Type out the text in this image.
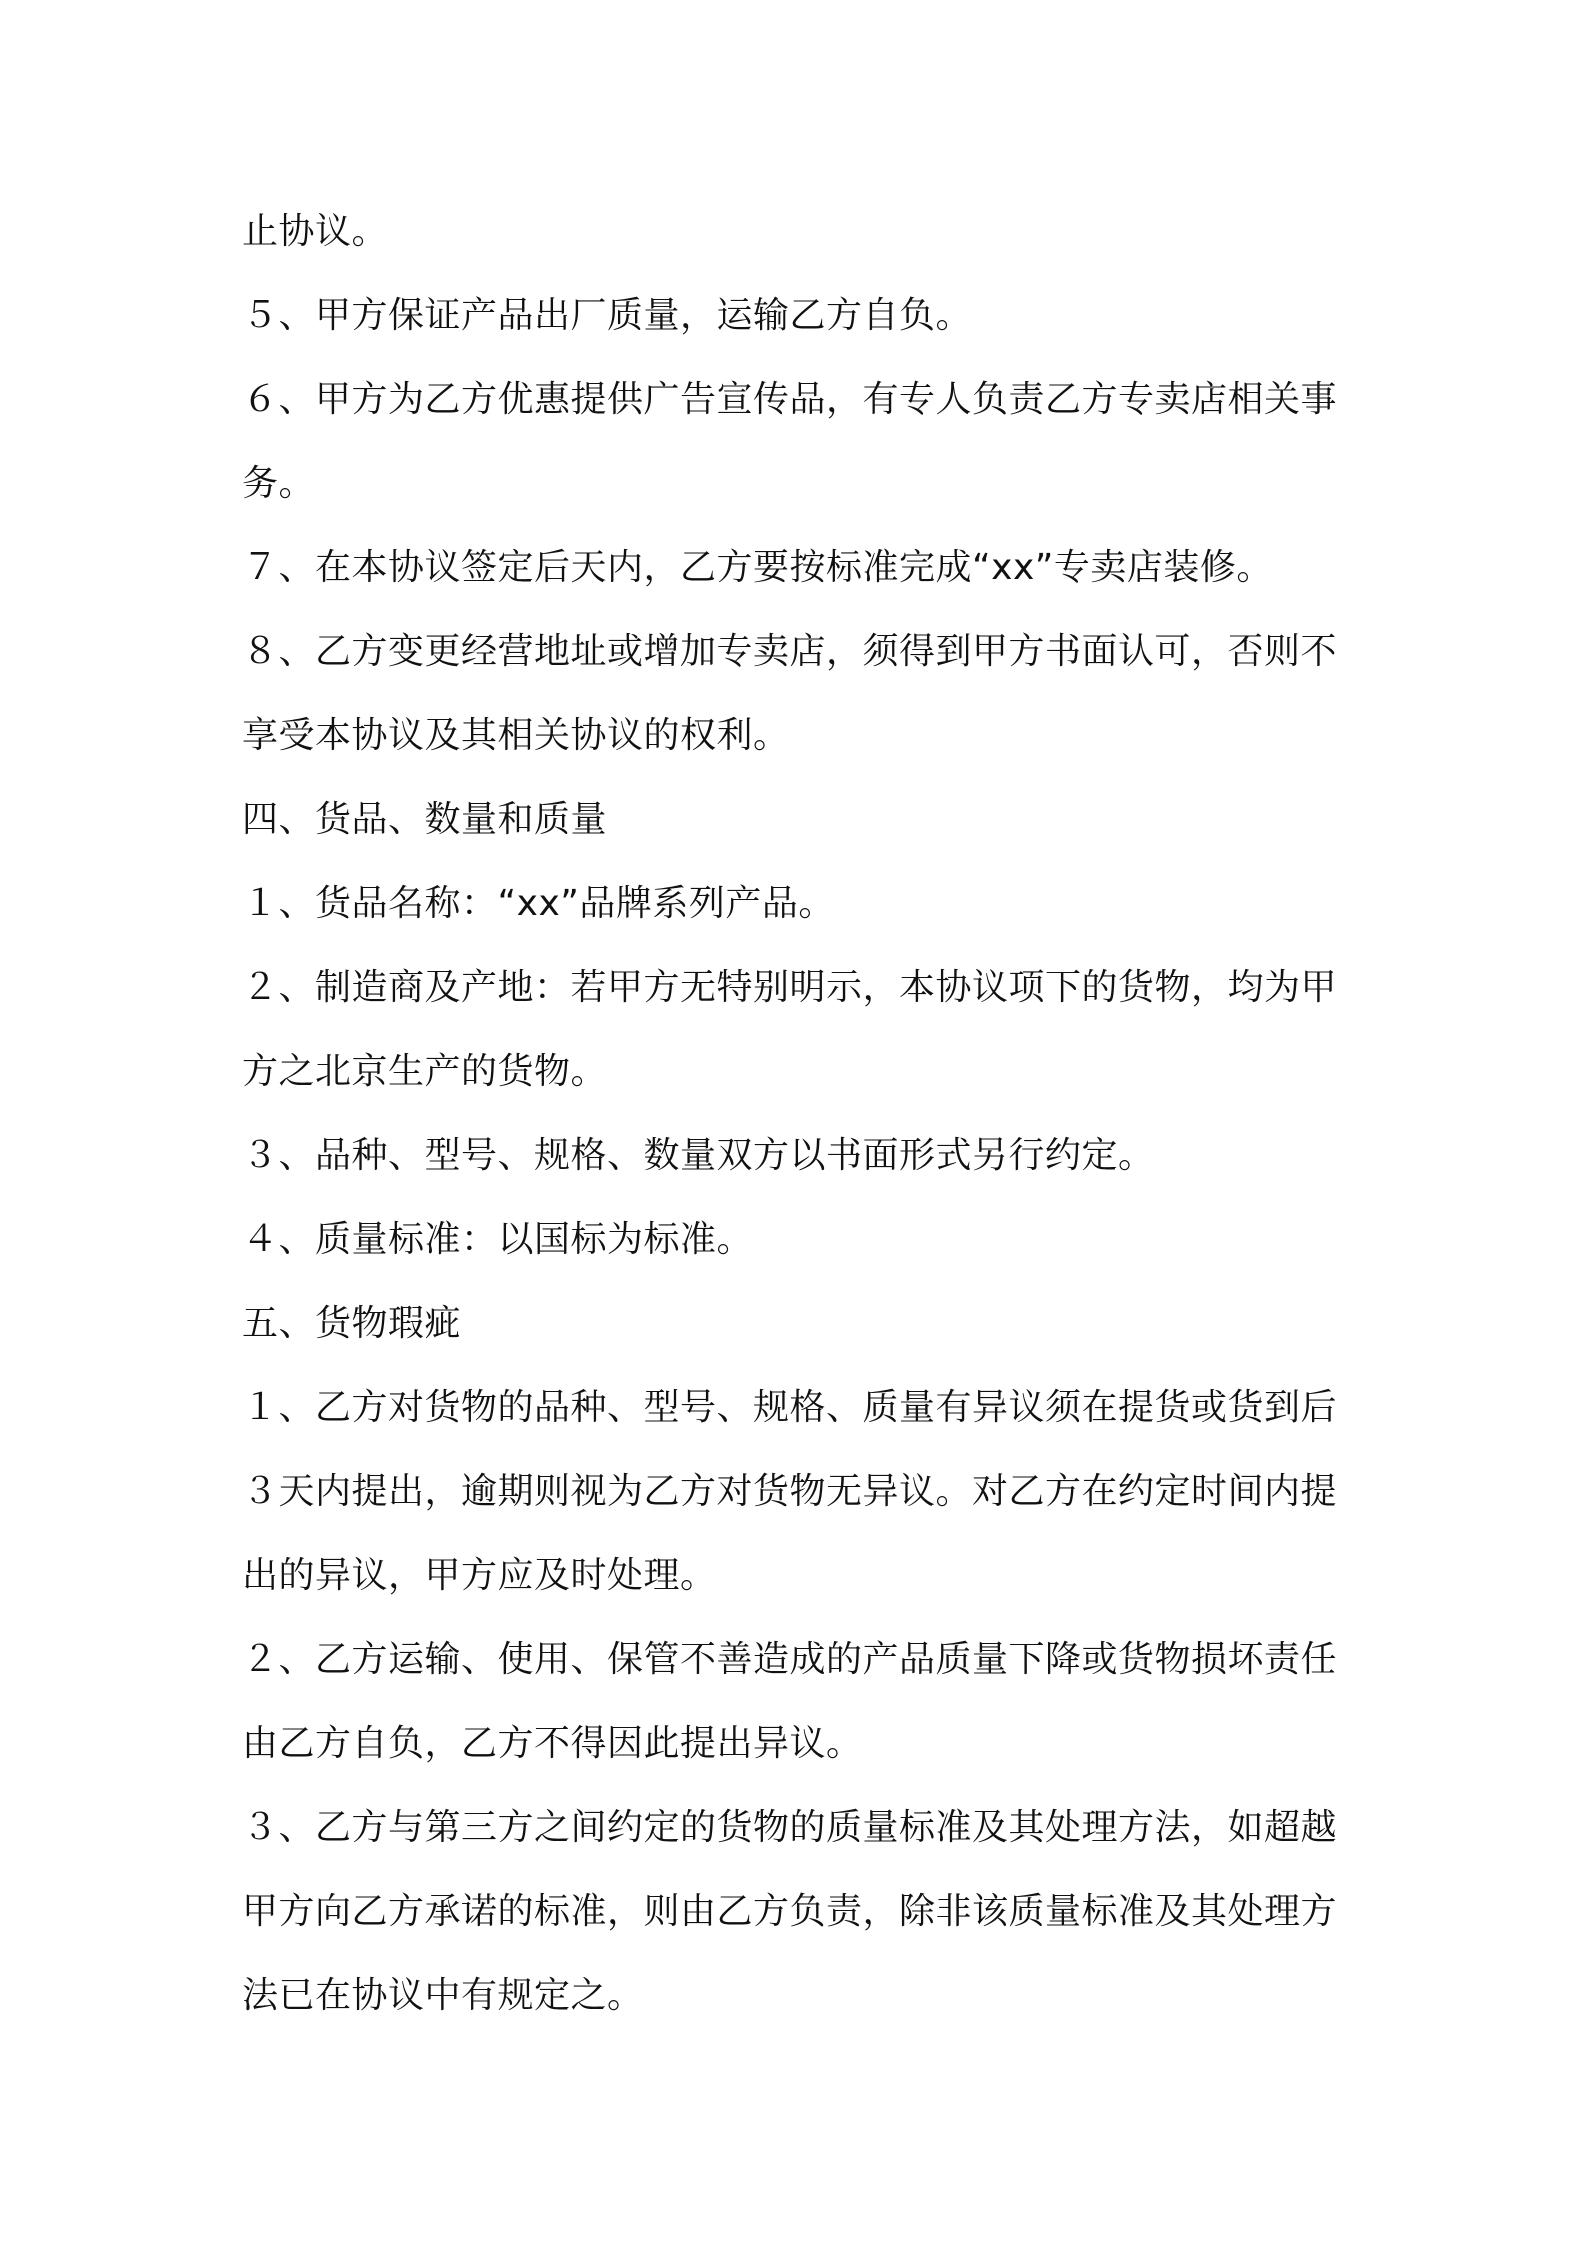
止协议。

５、甲方保证产品出厂质量，运输乙方自负。

６、甲方为乙方优惠提供广告宣传品，有专人负责乙方专卖店相关事
务。

７、在本协议签定后天内，乙方要按标准完成“xx”专卖店装修。

８、乙方变更经营地址或增加专卖店，须得到甲方书面认可，否则不
享受本协议及其相关协议的权利。

四、货品、数量和质量

１、货品名称：“xx”品牌系列产品。

２、制造商及产地：若甲方无特别明示，本协议项下的货物，均为甲
方之北京生产的货物。

３、品种、型号、规格、数量双方以书面形式另行约定。

４、质量标准：以国标为标准。

五、货物瑕疵

１、乙方对货物的品种、型号、规格、质量有异议须在提货或货到后
３天内提出，逾期则视为乙方对货物无异议。对乙方在约定时间内提
出的异议，甲方应及时处理。

２、乙方运输、使用、保管不善造成的产品质量下降或货物损坏责任
由乙方自负，乙方不得因此提出异议。

３、乙方与第三方之间约定的货物的质量标准及其处理方法，如超越
甲方向乙方承诺的标准，则由乙方负责，除非该质量标准及其处理方
法已在协议中有规定之。
